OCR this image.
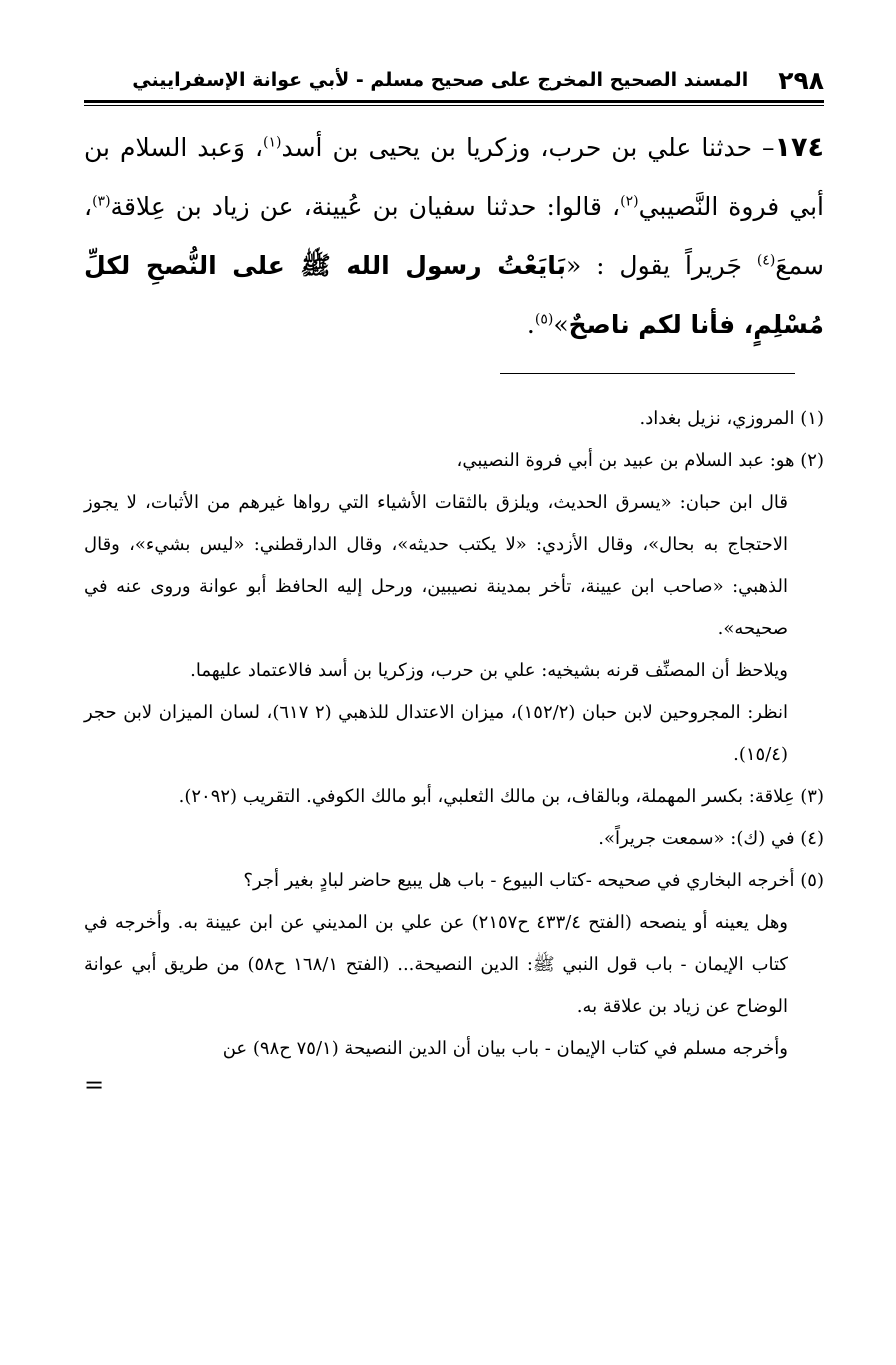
٢٩٨
المسند الصحيح المخرج على صحيح مسلم - لأبي عوانة الإسفراييني
١٧٤– حدثنا علي بن حرب، وزكريا بن يحيى بن أسد$^{(١)}$، وَعبد السلام بن أبي فروة النَّصيبي$^{(٢)}$، قالوا: حدثنا سفيان بن عُيينة، عن زياد بن عِلاقة$^{(٣)}$، سمعَ$^{(٤)}$ جَريراً يقول : «بَايَعْتُ رسول الله ﷺ على النُّصحِ لكلِّ مُسْلِمٍ، فأنا لكم ناصحٌ»$^{(٥)}$.

(١) المروزي، نزيل بغداد.

(٢) هو: عبد السلام بن عبيد بن أبي فروة النصيبي،

قال ابن حبان: «يسرق الحديث، ويلزق بالثقات الأشياء التي رواها غيرهم من الأثبات، لا يجوز الاحتجاج به بحال»، وقال الأزدي: «لا يكتب حديثه»، وقال الدارقطني: «ليس بشيء»، وقال الذهبي: «صاحب ابن عيينة، تأخر بمدينة نصيبين، ورحل إليه الحافظ أبو عوانة وروى عنه في صحيحه».

ويلاحظ أن المصنِّف قرنه بشيخيه: علي بن حرب، وزكريا بن أسد فالاعتماد عليهما.

انظر: المجروحين لابن حبان (١٥٢/٢)، ميزان الاعتدال للذهبي (٢ ٦١٧)، لسان الميزان لابن حجر (١٥/٤).

(٣) عِلاقة: بكسر المهملة، وبالقاف، بن مالك الثعلبي، أبو مالك الكوفي. التقريب (٢٠٩٢).

(٤) في (ك): «سمعت جريراً».

(٥) أخرجه البخاري في صحيحه -كتاب البيوع - باب هل يبيع حاضر لبادٍ بغير أجر؟

وهل يعينه أو ينصحه (الفتح ٤٣٣/٤ ح٢١٥٧) عن علي بن المديني عن ابن عيينة به. وأخرجه في كتاب الإيمان - باب قول النبي ﷺ: الدين النصيحة... (الفتح ١٦٨/١ ح٥٨) من طريق أبي عوانة الوضاح عن زياد بن علاقة به.

وأخرجه مسلم في كتاب الإيمان - باب بيان أن الدين النصيحة (٧٥/١ ح٩٨) عن

=
